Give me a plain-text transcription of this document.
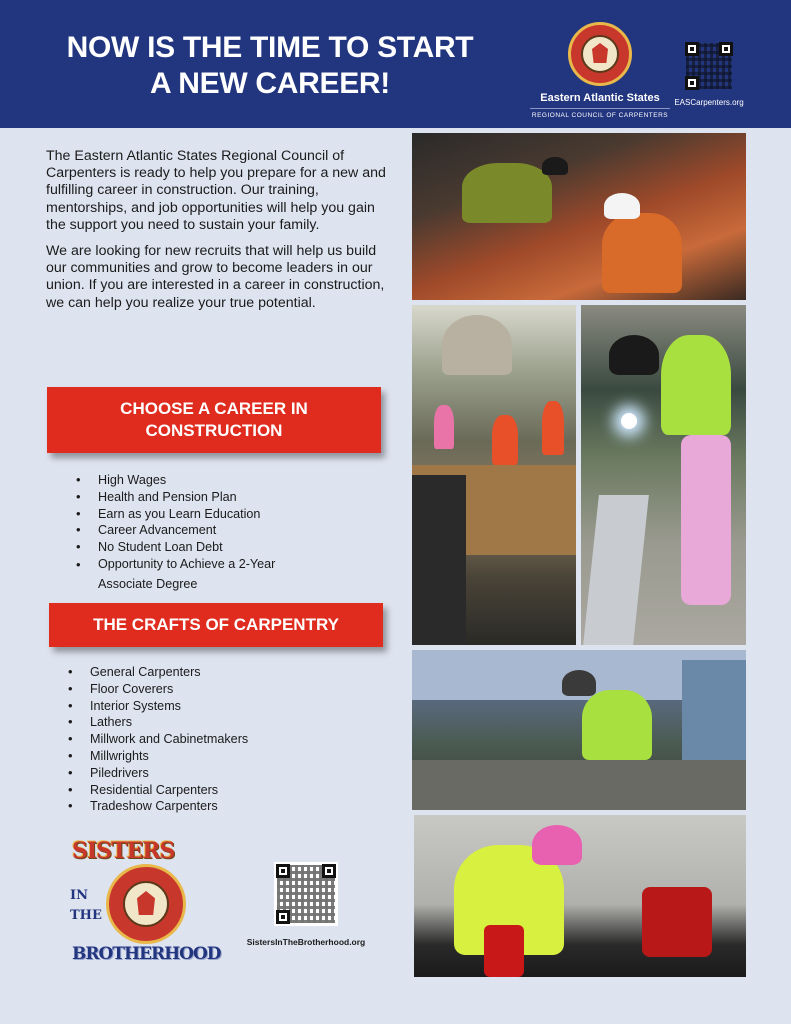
NOW IS THE TIME TO START
A NEW CAREER!	Eastern Atlantic States
REGIONAL COUNCIL OF CARPENTERS
EASCarpenters.org

The Eastern Atlantic States Regional Council of Carpenters is ready to help you prepare for a new and fulfilling career in construction. Our training, mentorships, and job opportunities will help you gain the support you need to sustain your family.

We are looking for new recruits that will help us build our communities and grow to become leaders in our union. If you are interested in a career in construction, we can help you realize your true potential.

CHOOSE A CAREER IN
CONSTRUCTION
• High Wages
• Health and Pension Plan
• Earn as you Learn Education
• Career Advancement
• No Student Loan Debt
• Opportunity to Achieve a 2-Year
Associate Degree
THE CRAFTS OF CARPENTRY
• General Carpenters
• Floor Coverers
• Interior Systems
• Lathers
• Millwork and Cabinetmakers
• Millwrights
• Piledrivers
• Residential Carpenters
• Tradeshow Carpenters
SISTERS
IN
THE
BROTHERHOOD
SistersInTheBrotherhood.org
